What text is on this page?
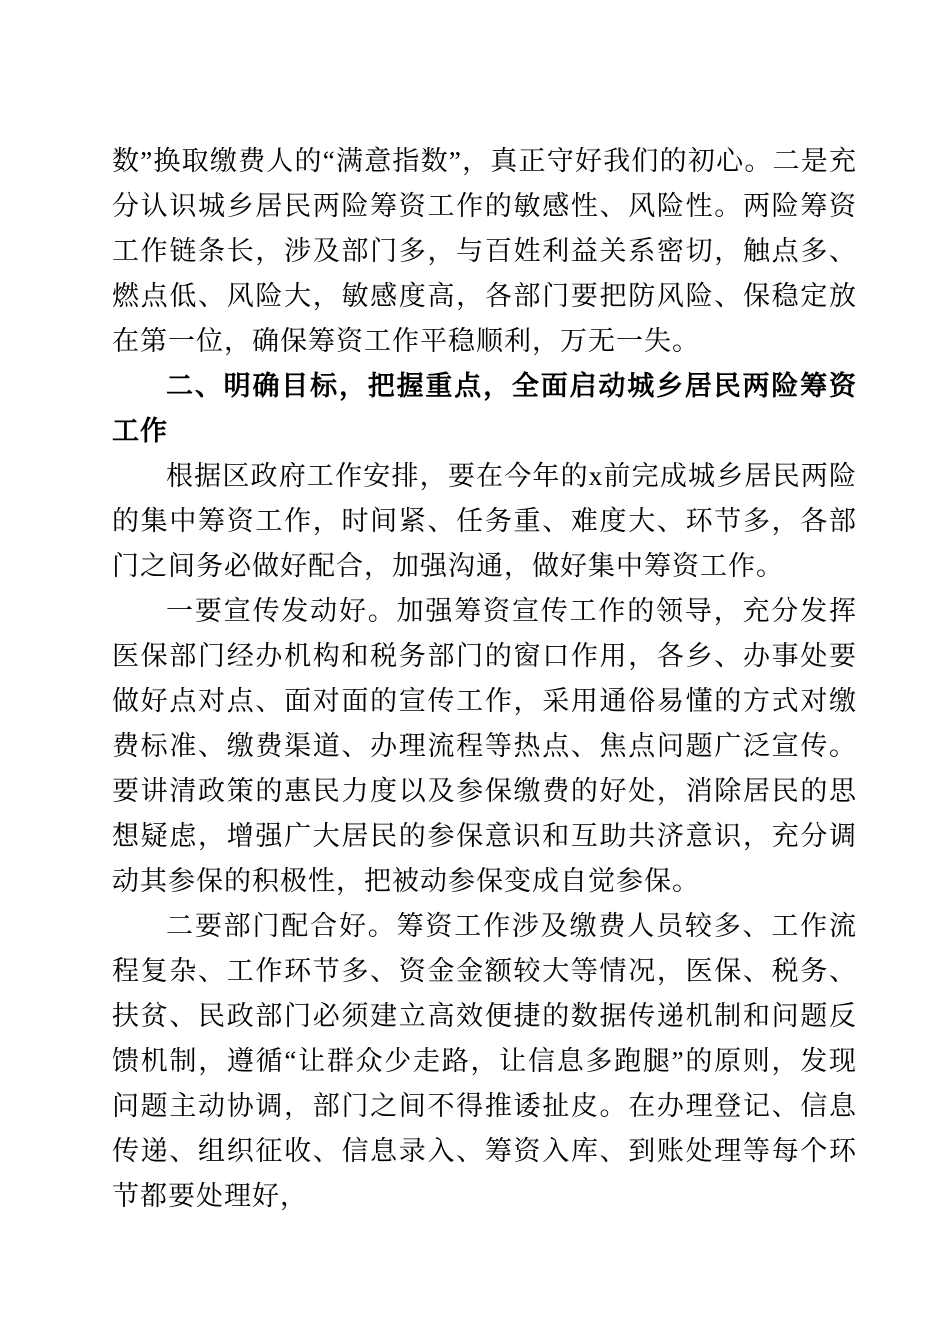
数”换取缴费人的“满意指数”，真正守好我们的初心。二是充分认识城乡居民两险筹资工作的敏感性、风险性。两险筹资工作链条长，涉及部门多，与百姓利益关系密切，触点多、燃点低、风险大，敏感度高，各部门要把防风险、保稳定放在第一位，确保筹资工作平稳顺利，万无一失。

二、明确目标，把握重点，全面启动城乡居民两险筹资工作

根据区政府工作安排，要在今年的x前完成城乡居民两险的集中筹资工作，时间紧、任务重、难度大、环节多，各部门之间务必做好配合，加强沟通，做好集中筹资工作。

一要宣传发动好。加强筹资宣传工作的领导，充分发挥医保部门经办机构和税务部门的窗口作用，各乡、办事处要做好点对点、面对面的宣传工作，采用通俗易懂的方式对缴费标准、缴费渠道、办理流程等热点、焦点问题广泛宣传。要讲清政策的惠民力度以及参保缴费的好处，消除居民的思想疑虑，增强广大居民的参保意识和互助共济意识，充分调动其参保的积极性，把被动参保变成自觉参保。

二要部门配合好。筹资工作涉及缴费人员较多、工作流程复杂、工作环节多、资金金额较大等情况，医保、税务、扶贫、民政部门必须建立高效便捷的数据传递机制和问题反馈机制，遵循“让群众少走路，让信息多跑腿”的原则，发现问题主动协调，部门之间不得推诿扯皮。在办理登记、信息传递、组织征收、信息录入、筹资入库、到账处理等每个环节都要处理好，
